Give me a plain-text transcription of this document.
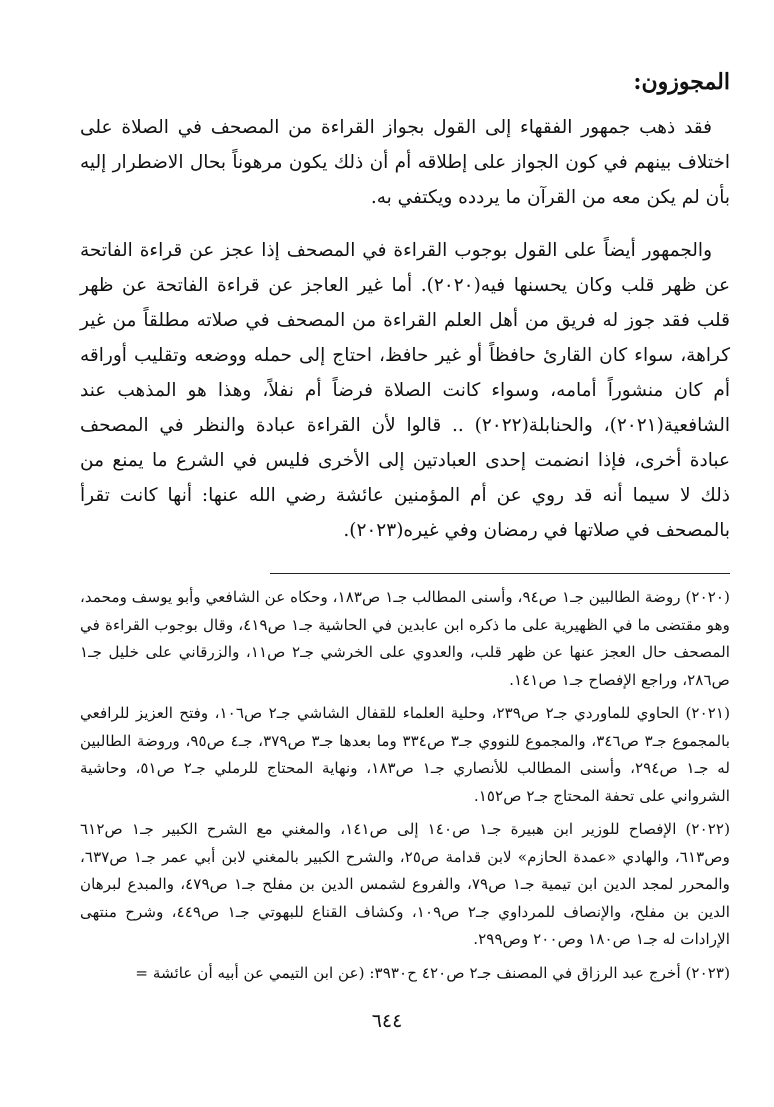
المجوزون:

فقد ذهب جمهور الفقهاء إلى القول بجواز القراءة من المصحف في الصلاة على اختلاف بينهم في كون الجواز على إطلاقه أم أن ذلك يكون مرهوناً بحال الاضطرار إليه بأن لم يكن معه من القرآن ما يردده ويكتفي به.

والجمهور أيضاً على القول بوجوب القراءة في المصحف إذا عجز عن قراءة الفاتحة عن ظهر قلب وكان يحسنها فيه(٢٠٢٠). أما غير العاجز عن قراءة الفاتحة عن ظهر قلب فقد جوز له فريق من أهل العلم القراءة من المصحف في صلاته مطلقاً من غير كراهة، سواء كان القارئ حافظاً أو غير حافظ، احتاج إلى حمله ووضعه وتقليب أوراقه أم كان منشوراً أمامه، وسواء كانت الصلاة فرضاً أم نفلاً، وهذا هو المذهب عند الشافعية(٢٠٢١)، والحنابلة(٢٠٢٢) .. قالوا لأن القراءة عبادة والنظر في المصحف عبادة أخرى، فإذا انضمت إحدى العبادتين إلى الأخرى فليس في الشرع ما يمنع من ذلك لا سيما أنه قد روي عن أم المؤمنين عائشة رضي الله عنها: أنها كانت تقرأ بالمصحف في صلاتها في رمضان وفي غيره(٢٠٢٣).

(٢٠٢٠) روضة الطالبين جـ١ ص٩٤، وأسنى المطالب جـ١ ص١٨٣، وحكاه عن الشافعي وأبو يوسف ومحمد، وهو مقتضى ما في الظهيرية على ما ذكره ابن عابدين في الحاشية جـ١ ص٤١٩، وقال بوجوب القراءة في المصحف حال العجز عنها عن ظهر قلب، والعدوي على الخرشي جـ٢ ص١١، والزرقاني على خليل جـ١ ص٢٨٦، وراجع الإفصاح جـ١ ص١٤١.

(٢٠٢١) الحاوي للماوردي جـ٢ ص٢٣٩، وحلية العلماء للقفال الشاشي جـ٢ ص١٠٦، وفتح العزيز للرافعي بالمجموع جـ٣ ص٣٤٦، والمجموع للنووي جـ٣ ص٣٣٤ وما بعدها جـ٣ ص٣٧٩، جـ٤ ص٩٥، وروضة الطالبين له جـ١ ص٢٩٤، وأسنى المطالب للأنصاري جـ١ ص١٨٣، ونهاية المحتاج للرملي جـ٢ ص٥١، وحاشية الشرواني على تحفة المحتاج جـ٢ ص١٥٢.

(٢٠٢٢) الإفصاح للوزير ابن هبيرة جـ١ ص١٤٠ إلى ص١٤١، والمغني مع الشرح الكبير جـ١ ص٦١٢ وص٦١٣، والهادي «عمدة الحازم» لابن قدامة ص٢٥، والشرح الكبير بالمغني لابن أبي عمر جـ١ ص٦٣٧، والمحرر لمجد الدين ابن تيمية جـ١ ص٧٩، والفروع لشمس الدين بن مفلح جـ١ ص٤٧٩، والمبدع لبرهان الدين بن مفلح، والإنصاف للمرداوي جـ٢ ص١٠٩، وكشاف القناع للبهوتي جـ١ ص٤٤٩، وشرح منتهى الإرادات له جـ١ ص١٨٠ وص٢٠٠ وص٢٩٩.

(٢٠٢٣) أخرج عبد الرزاق في المصنف جـ٢ ص٤٢٠ ح٣٩٣٠: (عن ابن التيمي عن أبيه أن عائشة =

٦٤٤
